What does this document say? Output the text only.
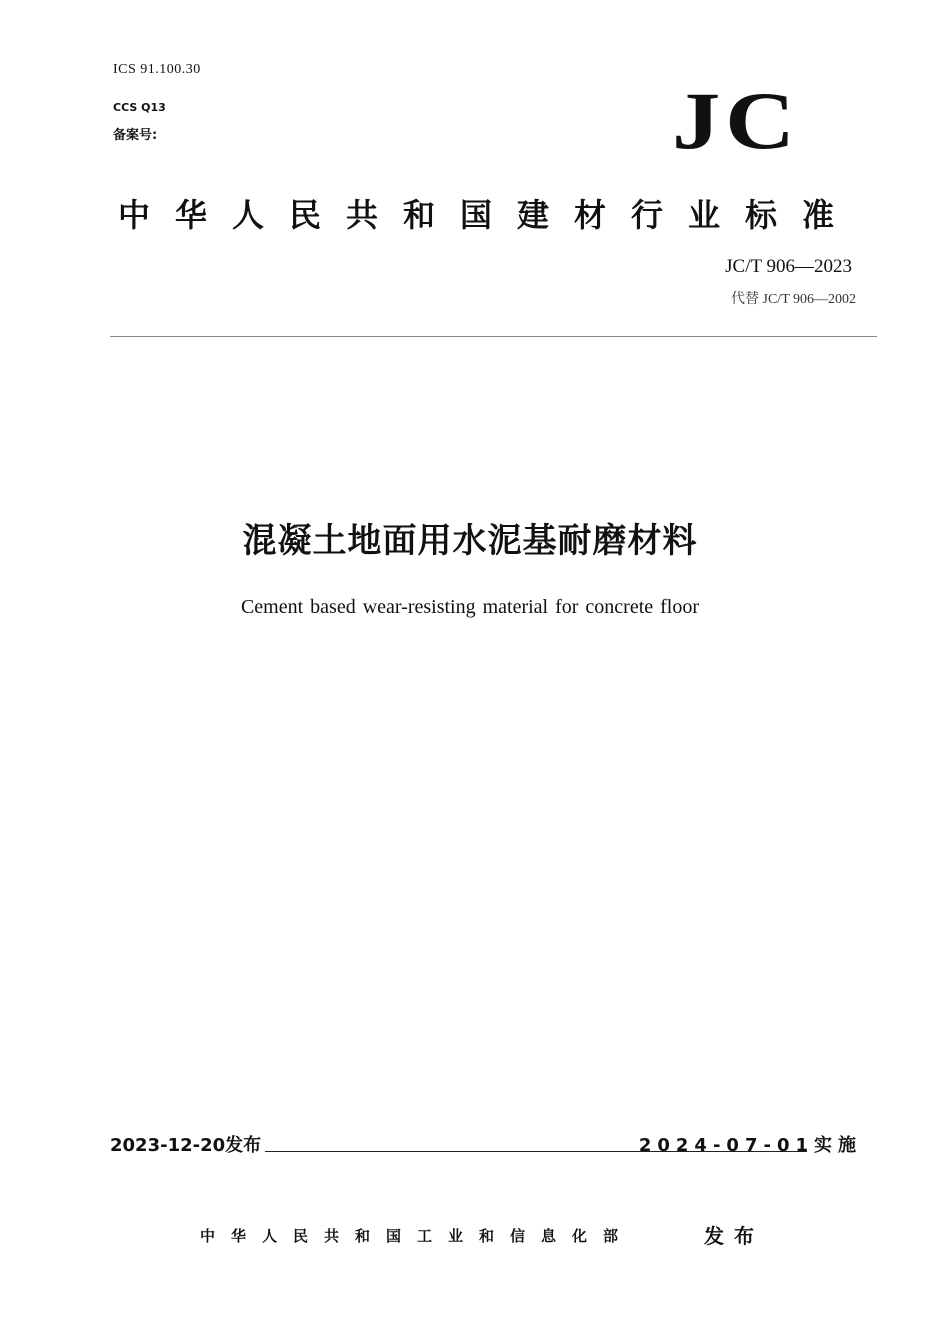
ICS 91.100.30
CCS Q13
备案号:	JC
中华人民共和国建材行业标准
JC/T 906—2023
代替 JC/T 906—2002
混凝土地面用水泥基耐磨材料
Cement based wear-resisting material for concrete floor
2023-12-20发布	2024-07-01实施
中华人民共和国工业和信息化部	发布
